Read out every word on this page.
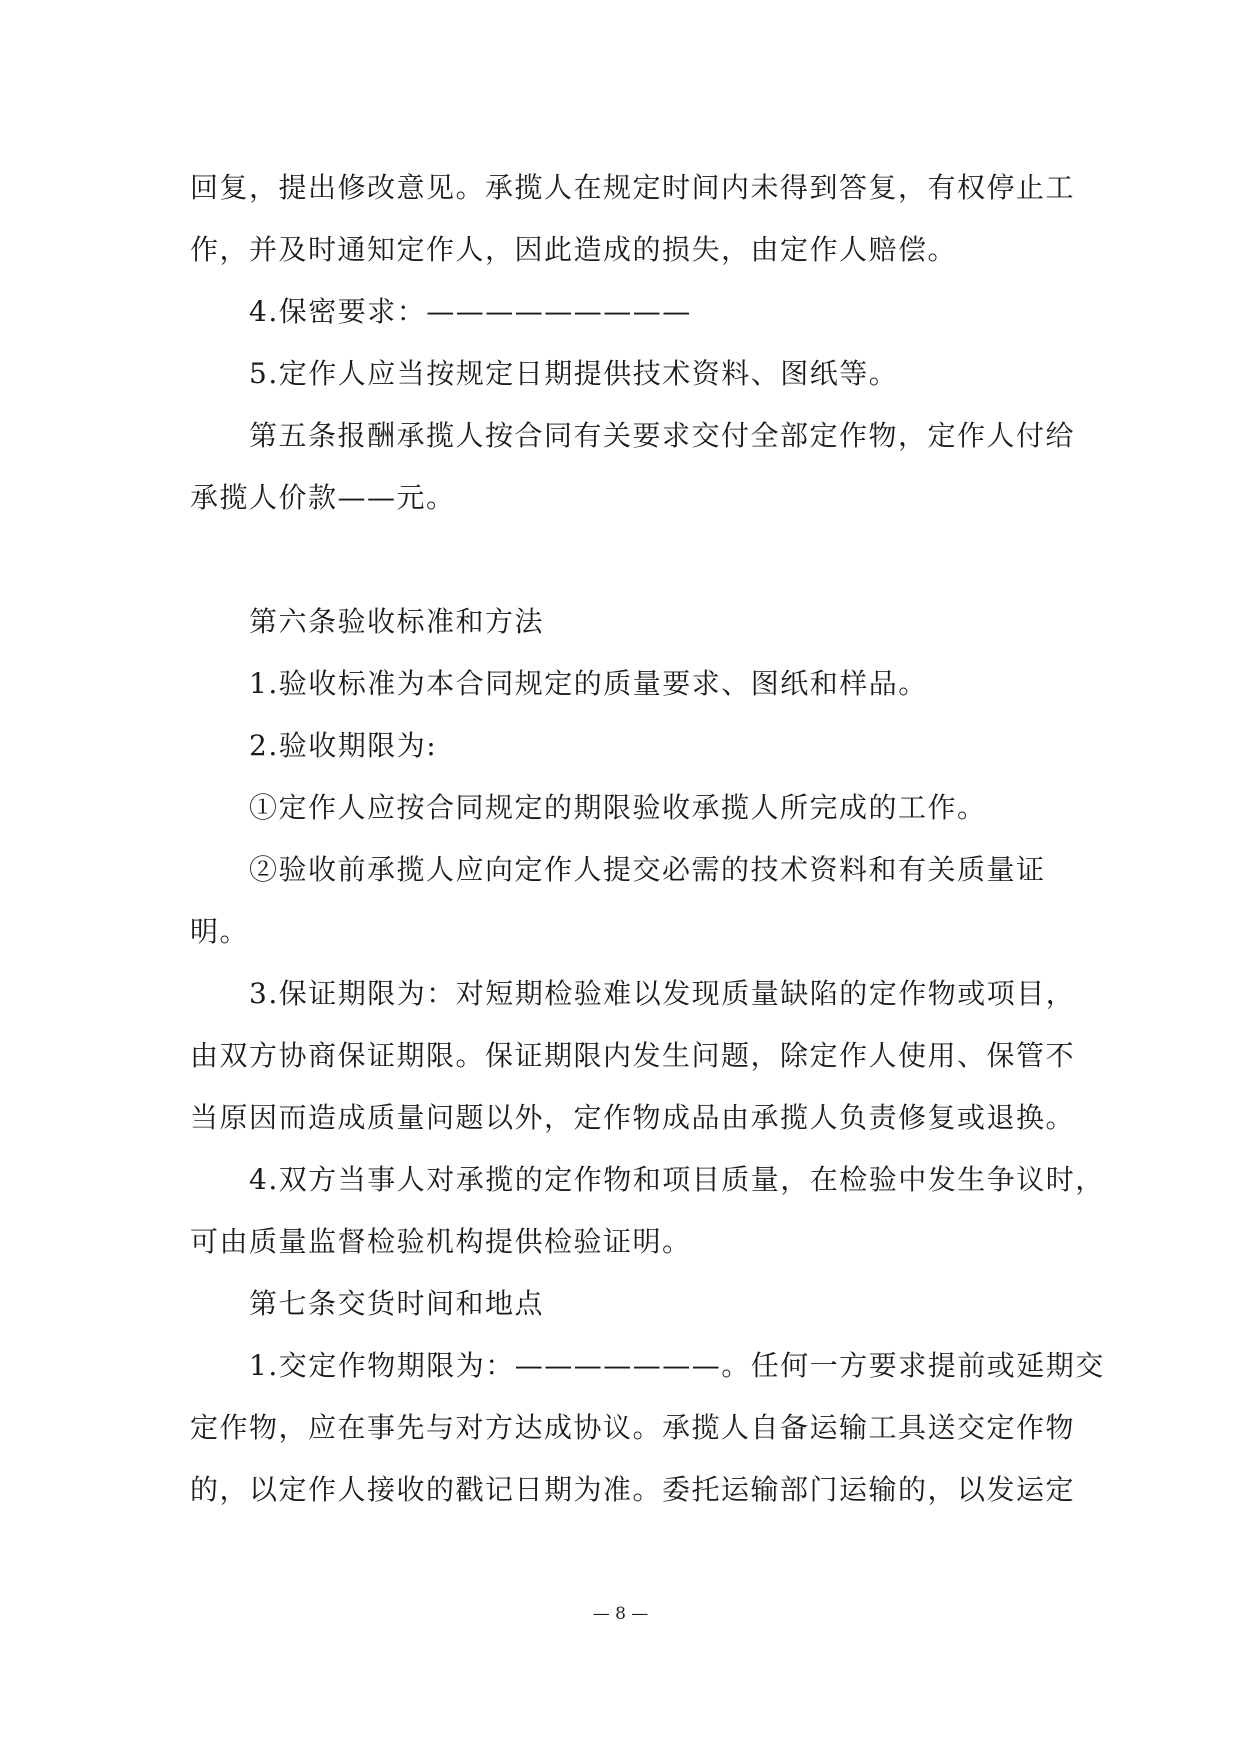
回复，提出修改意见。承揽人在规定时间内未得到答复，有权停止工
作，并及时通知定作人，因此造成的损失，由定作人赔偿。
　　4.保密要求：—————————
　　5.定作人应当按规定日期提供技术资料、图纸等。
　　第五条报酬承揽人按合同有关要求交付全部定作物，定作人付给
承揽人价款——元。
　　第六条验收标准和方法
　　1.验收标准为本合同规定的质量要求、图纸和样品。
　　2.验收期限为:
　　①定作人应按合同规定的期限验收承揽人所完成的工作。
　　②验收前承揽人应向定作人提交必需的技术资料和有关质量证
明。
　　3.保证期限为：对短期检验难以发现质量缺陷的定作物或项目，
由双方协商保证期限。保证期限内发生问题，除定作人使用、保管不
当原因而造成质量问题以外，定作物成品由承揽人负责修复或退换。
　　4.双方当事人对承揽的定作物和项目质量，在检验中发生争议时，
可由质量监督检验机构提供检验证明。
　　第七条交货时间和地点
　　1.交定作物期限为：———————。任何一方要求提前或延期交
定作物，应在事先与对方达成协议。承揽人自备运输工具送交定作物
的，以定作人接收的戳记日期为准。委托运输部门运输的，以发运定
— 8 —
